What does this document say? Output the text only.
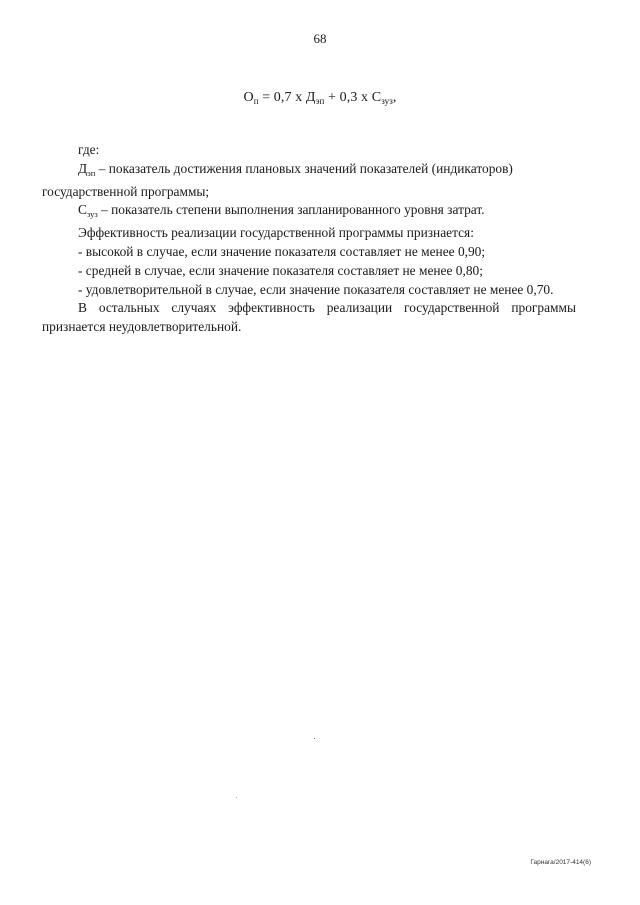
68
$О_п = 0,7$ х $Д_{эп} + 0,3$ х $С_{зуз}$,

где:

$Д_{эп}$ – показатель достижения плановых значений показателей (индикаторов) государственной программы;

$С_{зуз}$ – показатель степени выполнения запланированного уровня затрат.

Эффективность реализации государственной программы признается:

- высокой в случае, если значение показателя составляет не менее 0,90;

- средней в случае, если значение показателя составляет не менее 0,80;

- удовлетворительной в случае, если значение показателя составляет не менее 0,70.

В остальных случаях эффективность реализации государственной программы признается неудовлетворительной.

Гарнага/2017-414(6)
